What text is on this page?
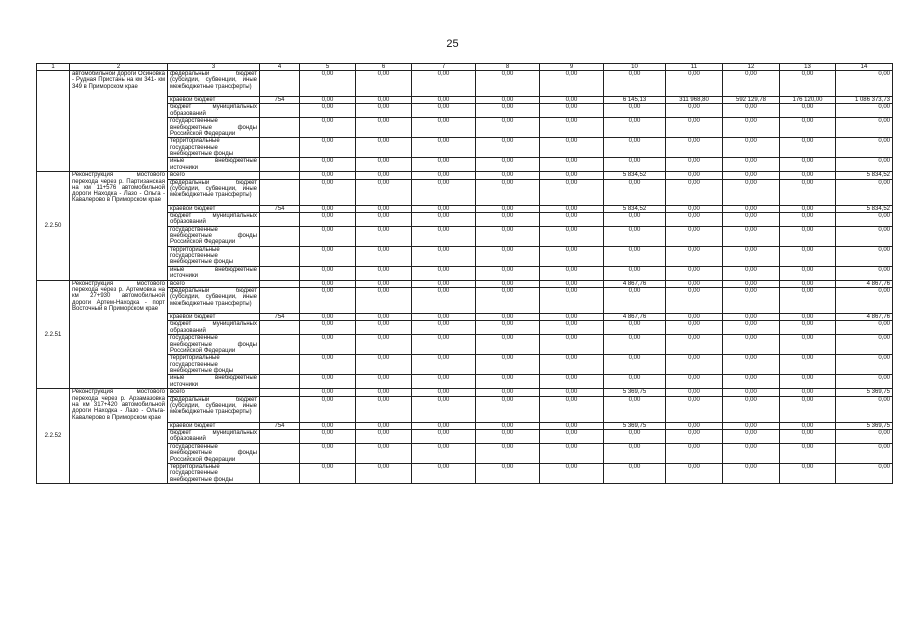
25
1	2	3	4	5	6	7	8	9	10	11	12	13	14
	автомобильной дороги Осиновка - Рудная Пристань на км 341- км 349 в Приморском крае	федеральный бюджет (субсидии, субвенции, иные межбюджетные трансферты)		0,00	0,00	0,00	0,00	0,00	0,00	0,00	0,00	0,00	0,00
		краевой бюджет	754	0,00	0,00	0,00	0,00	0,00	6 145,13	311 968,80	592 129,78	176 120,00	1 086 373,73
		бюджет муниципальных образований		0,00	0,00	0,00	0,00	0,00	0,00	0,00	0,00	0,00	0,00
		государственные внебюджетные фонды Российской Федерации		0,00	0,00	0,00	0,00	0,00	0,00	0,00	0,00	0,00	0,00
		территориальные государственные внебюджетные фонды		0,00	0,00	0,00	0,00	0,00	0,00	0,00	0,00	0,00	0,00
		иные внебюджетные источники		0,00	0,00	0,00	0,00	0,00	0,00	0,00	0,00	0,00	0,00
2.2.50	Реконструкция мостового перехода через р. Партизанская на км 11+576 автомобильной дороги Находка - Лазо - Ольга - Кавалерово в Приморском крае	всего		0,00	0,00	0,00	0,00	0,00	5 834,52	0,00	0,00	0,00	5 834,52
		федеральный бюджет (субсидии, субвенции, иные межбюджетные трансферты)		0,00	0,00	0,00	0,00	0,00	0,00	0,00	0,00	0,00	0,00
		краевой бюджет	754	0,00	0,00	0,00	0,00	0,00	5 834,52	0,00	0,00	0,00	5 834,52
		бюджет муниципальных образований		0,00	0,00	0,00	0,00	0,00	0,00	0,00	0,00	0,00	0,00
		государственные внебюджетные фонды Российской Федерации		0,00	0,00	0,00	0,00	0,00	0,00	0,00	0,00	0,00	0,00
		территориальные государственные внебюджетные фонды		0,00	0,00	0,00	0,00	0,00	0,00	0,00	0,00	0,00	0,00
		иные внебюджетные источники		0,00	0,00	0,00	0,00	0,00	0,00	0,00	0,00	0,00	0,00
2.2.51	Реконструкция мостового перехода через р. Артемовка на км 27+930 автомобильной дороги Артем-Находка - порт Восточный в Приморском крае	всего		0,00	0,00	0,00	0,00	0,00	4 867,76	0,00	0,00	0,00	4 867,76
		федеральный бюджет (субсидии, субвенции, иные межбюджетные трансферты)		0,00	0,00	0,00	0,00	0,00	0,00	0,00	0,00	0,00	0,00
		краевой бюджет	754	0,00	0,00	0,00	0,00	0,00	4 867,76	0,00	0,00	0,00	4 867,76
		бюджет муниципальных образований		0,00	0,00	0,00	0,00	0,00	0,00	0,00	0,00	0,00	0,00
		государственные внебюджетные фонды Российской Федерации		0,00	0,00	0,00	0,00	0,00	0,00	0,00	0,00	0,00	0,00
		территориальные государственные внебюджетные фонды		0,00	0,00	0,00	0,00	0,00	0,00	0,00	0,00	0,00	0,00
		иные внебюджетные источники		0,00	0,00	0,00	0,00	0,00	0,00	0,00	0,00	0,00	0,00
2.2.52	Реконструкция мостового перехода через р. Арзамазовка на км 317+420 автомобильной дороги Находка - Лазо - Ольга- Кавалерово в Приморском крае	всего		0,00	0,00	0,00	0,00	0,00	5 369,75	0,00	0,00	0,00	5 369,75
		федеральный бюджет (субсидии, субвенции, иные межбюджетные трансферты)		0,00	0,00	0,00	0,00	0,00	0,00	0,00	0,00	0,00	0,00
		краевой бюджет	754	0,00	0,00	0,00	0,00	0,00	5 369,75	0,00	0,00	0,00	5 369,75
		бюджет муниципальных образований		0,00	0,00	0,00	0,00	0,00	0,00	0,00	0,00	0,00	0,00
		государственные внебюджетные фонды Российской Федерации		0,00	0,00	0,00	0,00	0,00	0,00	0,00	0,00	0,00	0,00
		территориальные государственные внебюджетные фонды		0,00	0,00	0,00	0,00	0,00	0,00	0,00	0,00	0,00	0,00
